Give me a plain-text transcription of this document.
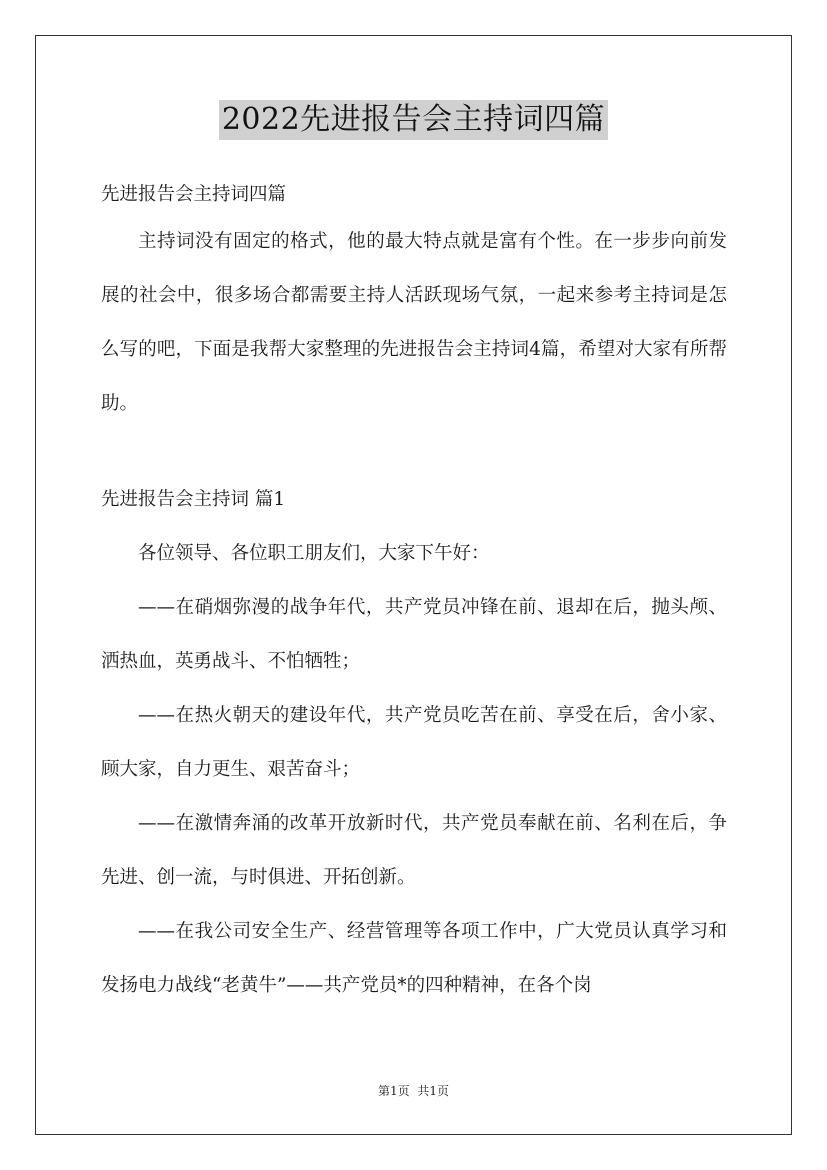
2022先进报告会主持词四篇

先进报告会主持词四篇

主持词没有固定的格式，他的最大特点就是富有个性。在一步步向前发展的社会中，很多场合都需要主持人活跃现场气氛，一起来参考主持词是怎么写的吧，下面是我帮大家整理的先进报告会主持词4篇，希望对大家有所帮助。

先进报告会主持词 篇1

各位领导、各位职工朋友们，大家下午好：

——在硝烟弥漫的战争年代，共产党员冲锋在前、退却在后，抛头颅、洒热血，英勇战斗、不怕牺牲；

——在热火朝天的建设年代，共产党员吃苦在前、享受在后，舍小家、顾大家，自力更生、艰苦奋斗；

——在激情奔涌的改革开放新时代，共产党员奉献在前、名利在后，争先进、创一流，与时俱进、开拓创新。

——在我公司安全生产、经营管理等各项工作中，广大党员认真学习和发扬电力战线“老黄牛”——共产党员*的四种精神，在各个岗

第1页 共1页
